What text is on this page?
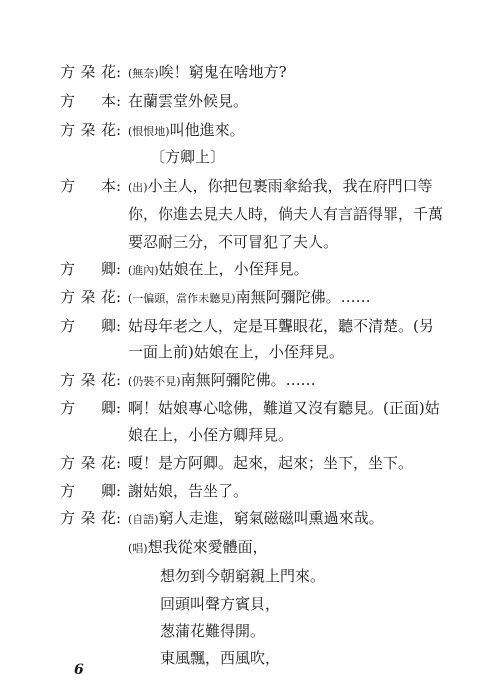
方朶花 : (無奈)唉！窮鬼在啥地方?
方本 : 在蘭雲堂外候見。
方朶花 : (恨恨地)叫他進來。
〔方卿上〕
方本 : (出)小主人，你把包裹雨傘給我，我在府門口等
你，你進去見夫人時，倘夫人有言語得罪，千萬
要忍耐三分，不可冒犯了夫人。
方卿 : (進內)姑娘在上，小侄拜見。
方朶花 : (一偏頭，當作未聽見)南無阿彌陀佛。……
方卿 : 姑母年老之人，定是耳聾眼花，聽不清楚。(另
一面上前)姑娘在上，小侄拜見。
方朶花 : (仍裝不見)南無阿彌陀佛。……
方卿 : 啊！姑娘專心唸佛，難道又沒有聽見。(正面)姑
娘在上，小侄方卿拜見。
方朶花 : 嗄！是方阿卿。起來，起來；坐下，坐下。
方卿 : 謝姑娘，告坐了。
方朶花 : (自語)窮人走進，窮氣磁磁叫熏過來哉。
(唱)想我從來愛體面，
想勿到今朝窮親上門來。
回頭叫聲方賓貝，
葱蒲花難得開。
東風飄，西風吹，
6
